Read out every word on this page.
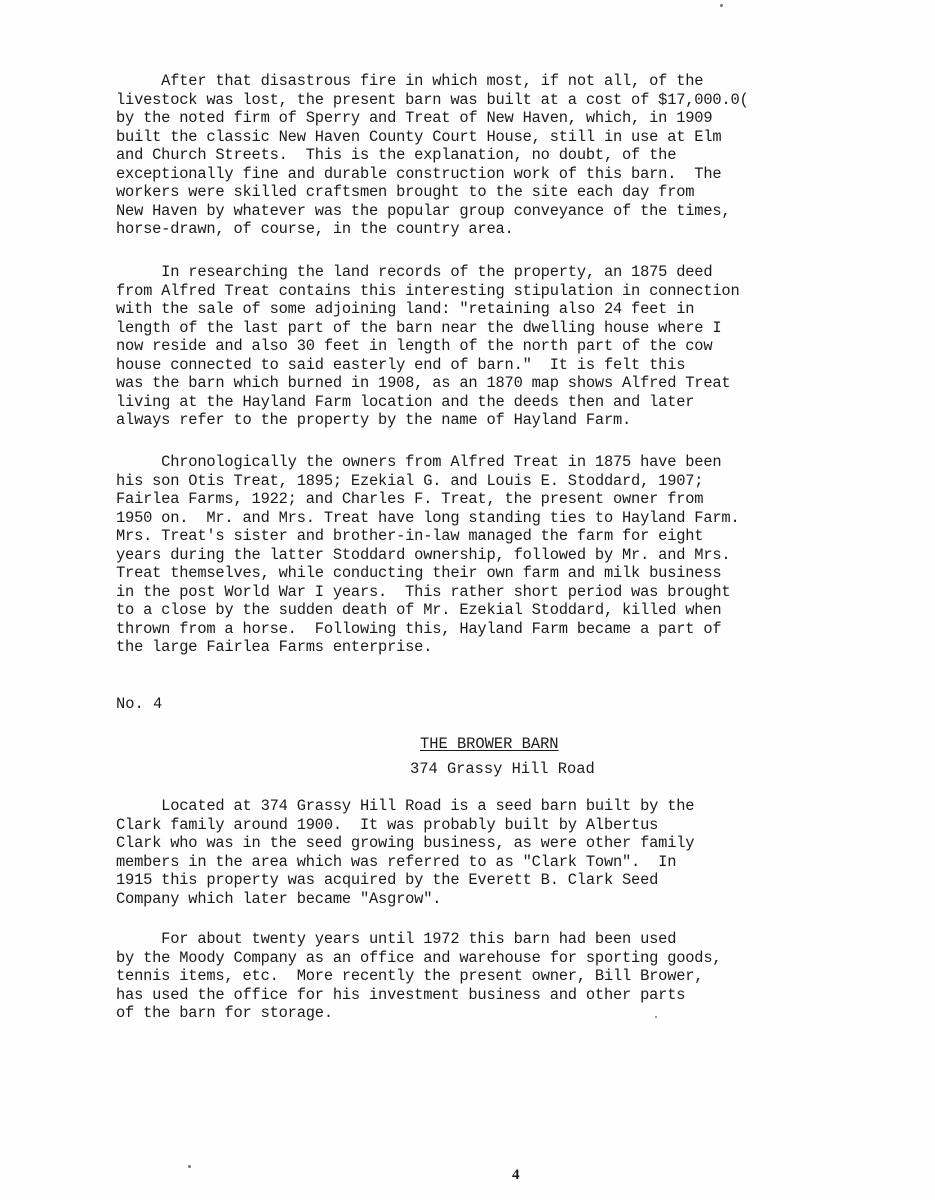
After that disastrous fire in which most, if not all, of the
livestock was lost, the present barn was built at a cost of $17,000.0(
by the noted firm of Sperry and Treat of New Haven, which, in 1909
built the classic New Haven County Court House, still in use at Elm
and Church Streets.  This is the explanation, no doubt, of the
exceptionally fine and durable construction work of this barn.  The
workers were skilled craftsmen brought to the site each day from
New Haven by whatever was the popular group conveyance of the times,
horse-drawn, of course, in the country area.
In researching the land records of the property, an 1875 deed
from Alfred Treat contains this interesting stipulation in connection
with the sale of some adjoining land: "retaining also 24 feet in
length of the last part of the barn near the dwelling house where I
now reside and also 30 feet in length of the north part of the cow
house connected to said easterly end of barn."  It is felt this
was the barn which burned in 1908, as an 1870 map shows Alfred Treat
living at the Hayland Farm location and the deeds then and later
always refer to the property by the name of Hayland Farm.
Chronologically the owners from Alfred Treat in 1875 have been
his son Otis Treat, 1895; Ezekial G. and Louis E. Stoddard, 1907;
Fairlea Farms, 1922; and Charles F. Treat, the present owner from
1950 on.  Mr. and Mrs. Treat have long standing ties to Hayland Farm.
Mrs. Treat's sister and brother-in-law managed the farm for eight
years during the latter Stoddard ownership, followed by Mr. and Mrs.
Treat themselves, while conducting their own farm and milk business
in the post World War I years.  This rather short period was brought
to a close by the sudden death of Mr. Ezekial Stoddard, killed when
thrown from a horse.  Following this, Hayland Farm became a part of
the large Fairlea Farms enterprise.
No. 4
THE BROWER BARN
374 Grassy Hill Road
Located at 374 Grassy Hill Road is a seed barn built by the
Clark family around 1900.  It was probably built by Albertus
Clark who was in the seed growing business, as were other family
members in the area which was referred to as "Clark Town".  In
1915 this property was acquired by the Everett B. Clark Seed
Company which later became "Asgrow".
For about twenty years until 1972 this barn had been used
by the Moody Company as an office and warehouse for sporting goods,
tennis items, etc.  More recently the present owner, Bill Brower,
has used the office for his investment business and other parts
of the barn for storage.
4
